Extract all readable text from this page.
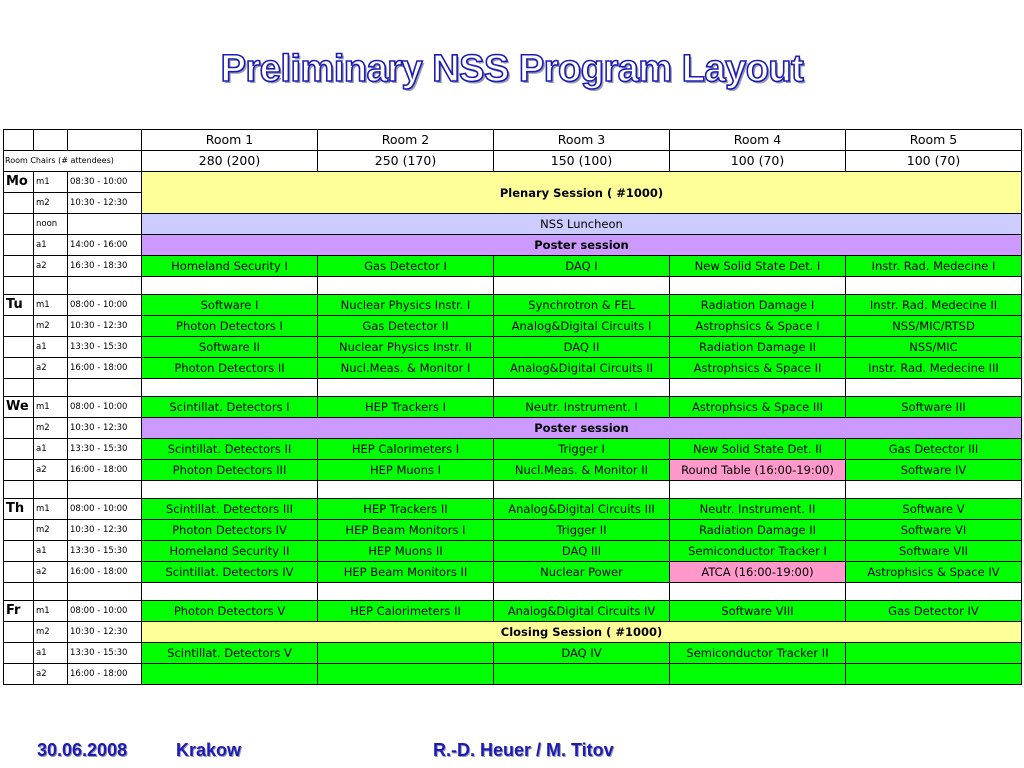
Preliminary NSS Program Layout
			Room 1	Room 2	Room 3	Room 4	Room 5
Room Chairs (# attendees)			280 (200)	250 (170)	150 (100)	100 (70)	100 (70)
Mo	m1	08:30 - 10:00	Plenary Session ( #1000)				
	m2	10:30 - 12:30					
	noon		NSS Luncheon				
	a1	14:00 - 16:00	Poster session				
	a2	16:30 - 18:30	Homeland Security I	Gas Detector I	DAQ I	New Solid State Det. I	Instr. Rad. Medecine I

Tu	m1	08:00 - 10:00	Software I	Nuclear Physics Instr. I	Synchrotron & FEL	Radiation Damage I	Instr. Rad. Medecine II
	m2	10:30 - 12:30	Photon Detectors I	Gas Detector II	Analog&Digital Circuits I	Astrophsics & Space I	NSS/MIC/RTSD
	a1	13:30 - 15:30	Software II	Nuclear Physics Instr. II	DAQ II	Radiation Damage II	NSS/MIC
	a2	16:00 - 18:00	Photon Detectors II	Nucl.Meas. & Monitor I	Analog&Digital Circuits II	Astrophsics & Space II	Instr. Rad. Medecine III

We	m1	08:00 - 10:00	Scintillat. Detectors I	HEP Trackers I	Neutr. Instrument. I	Astrophsics & Space III	Software III
	m2	10:30 - 12:30	Poster session				
	a1	13:30 - 15:30	Scintillat. Detectors II	HEP Calorimeters I	Trigger I	New Solid State Det. II	Gas Detector III
	a2	16:00 - 18:00	Photon Detectors III	HEP Muons I	Nucl.Meas. & Monitor II	Round Table (16:00-19:00)	Software IV

Th	m1	08:00 - 10:00	Scintillat. Detectors III	HEP Trackers II	Analog&Digital Circuits III	Neutr. Instrument. II	Software V
	m2	10:30 - 12:30	Photon Detectors IV	HEP Beam Monitors I	Trigger II	Radiation Damage II	Software VI
	a1	13:30 - 15:30	Homeland Security II	HEP Muons II	DAQ III	Semiconductor Tracker I	Software VII
	a2	16:00 - 18:00	Scintillat. Detectors IV	HEP Beam Monitors II	Nuclear Power	ATCA (16:00-19:00)	Astrophsics & Space IV

Fr	m1	08:00 - 10:00	Photon Detectors V	HEP Calorimeters II	Analog&Digital Circuits IV	Software VIII	Gas Detector IV
	m2	10:30 - 12:30	Closing Session ( #1000)				
	a1	13:30 - 15:30	Scintillat. Detectors V		DAQ IV	Semiconductor Tracker II	
	a2	16:00 - 18:00					
30.06.2008	Krakow	R.-D. Heuer / M. Titov
